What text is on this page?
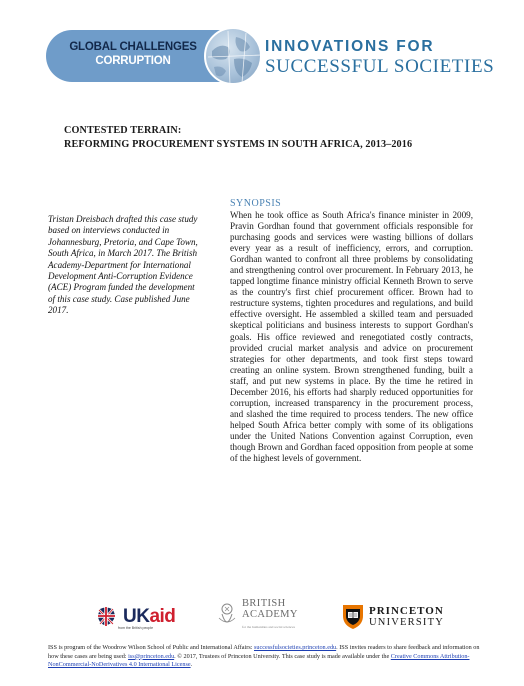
GLOBAL CHALLENGES
CORRUPTION
INNOVATIONS FOR
SUCCESSFUL SOCIETIES
CONTESTED TERRAIN:
REFORMING PROCUREMENT SYSTEMS IN SOUTH AFRICA, 2013–2016
Tristan Dreisbach drafted this case study based on interviews conducted in Johannesburg, Pretoria, and Cape Town, South Africa, in March 2017. The British Academy-Department for International Development Anti-Corruption Evidence (ACE) Program funded the development of this case study. Case published June 2017.
SYNOPSIS
When he took office as South Africa's finance minister in 2009, Pravin Gordhan found that government officials responsible for purchasing goods and services were wasting billions of dollars every year as a result of inefficiency, errors, and corruption. Gordhan wanted to confront all three problems by consolidating and strengthening control over procurement. In February 2013, he tapped longtime finance ministry official Kenneth Brown to serve as the country's first chief procurement officer. Brown had to restructure systems, tighten procedures and regulations, and build effective oversight. He assembled a skilled team and persuaded skeptical politicians and business interests to support Gordhan's goals. His office reviewed and renegotiated costly contracts, provided crucial market analysis and advice on procurement strategies for other departments, and took first steps toward creating an online system. Brown strengthened funding, built a staff, and put new systems in place. By the time he retired in December 2016, his efforts had sharply reduced opportunities for corruption, increased transparency in the procurement process, and slashed the time required to process tenders. The new office helped South Africa better comply with some of its obligations under the United Nations Convention against Corruption, even though Brown and Gordhan faced opposition from people at some of the highest levels of government.
UKaid
from the British people
BRITISH
ACADEMY
for the humanities and social sciences
PRINCETON
UNIVERSITY
ISS is program of the Woodrow Wilson School of Public and International Affairs: successfulsocieties.princeton.edu. ISS invites readers to share feedback and information on how these cases are being used: iss@princeton.edu. © 2017, Trustees of Princeton University. This case study is made available under the Creative Commons Attribution-NonCommercial-NoDerivatives 4.0 International License.
